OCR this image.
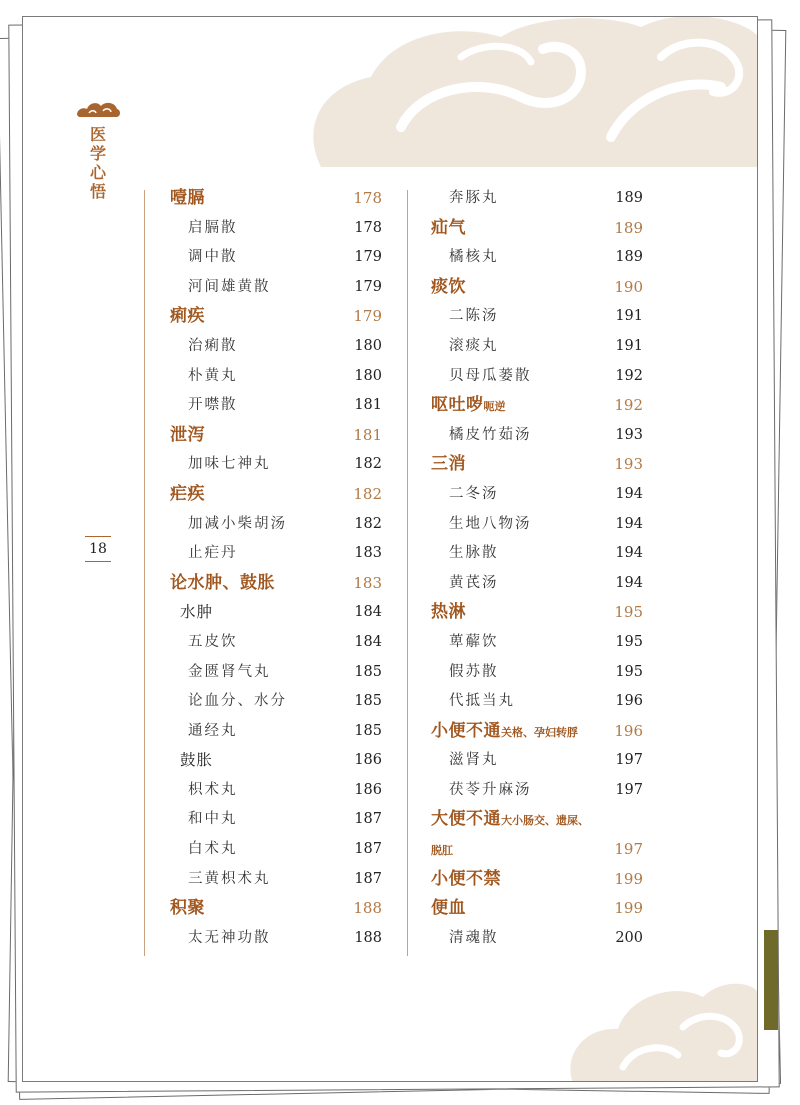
医学心悟
18
噎膈	178
启膈散	178
调中散	179
河间雄黄散	179
痢疾	179
治痢散	180
朴黄丸	180
开噤散	181
泄泻	181
加味七神丸	182
疟疾	182
加减小柴胡汤	182
止疟丹	183
论水肿、鼓胀	183
水肿	184
五皮饮	184
金匮肾气丸	185
论血分、水分	185
通经丸	185
鼓胀	186
枳术丸	186
和中丸	187
白术丸	187
三黄枳术丸	187
积聚	188
太无神功散	188
奔豚丸	189
疝气	189
橘核丸	189
痰饮	190
二陈汤	191
滚痰丸	191
贝母瓜蒌散	192
呕吐哕呃逆	192
橘皮竹茹汤	193
三消	193
二冬汤	194
生地八物汤	194
生脉散	194
黄芪汤	194
热淋	195
萆薢饮	195
假苏散	195
代抵当丸	196
小便不通关格、孕妇转脬 196
滋肾丸	197
茯苓升麻汤	197
大便不通大小肠交、遗屎、
脱肛	197
小便不禁	199
便血	199
清魂散	200
